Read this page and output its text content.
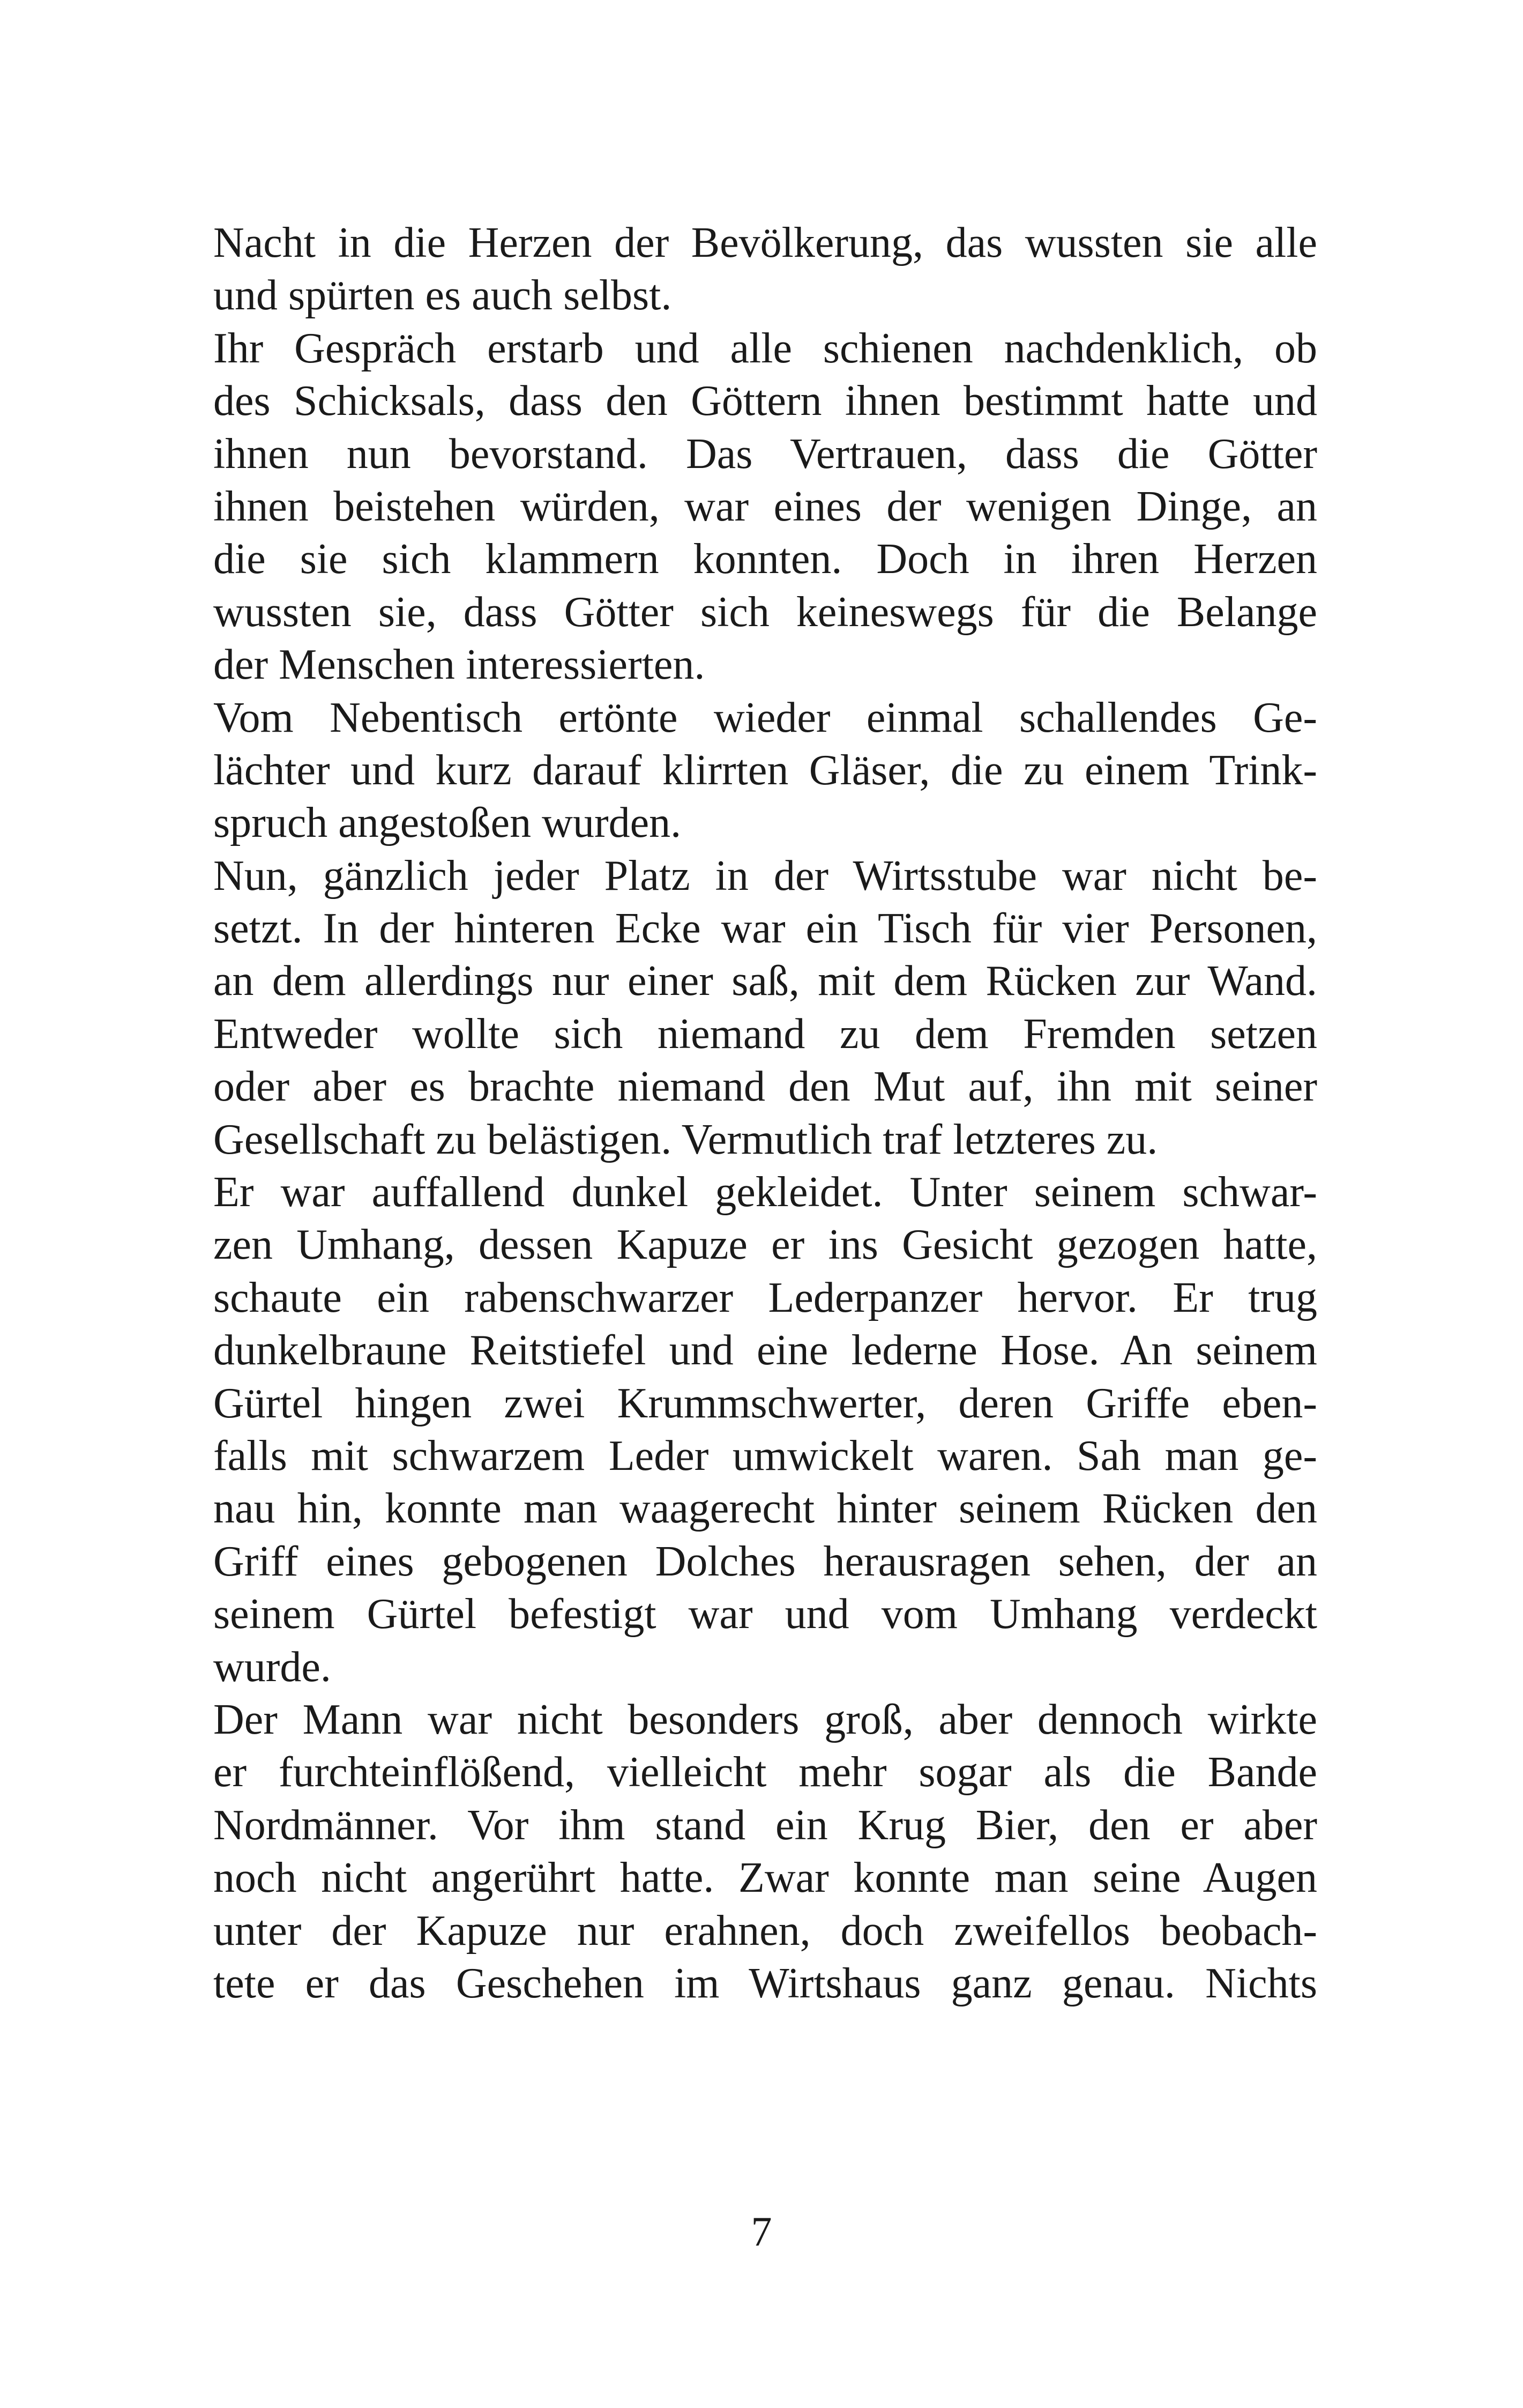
Nacht in die Herzen der Bevölkerung, das wussten sie alle
und spürten es auch selbst.
Ihr Gespräch erstarb und alle schienen nachdenklich, ob
des Schicksals, dass den Göttern ihnen bestimmt hatte und
ihnen nun bevorstand. Das Vertrauen, dass die Götter
ihnen beistehen würden, war eines der wenigen Dinge, an
die sie sich klammern konnten. Doch in ihren Herzen
wussten sie, dass Götter sich keineswegs für die Belange
der Menschen interessierten.
Vom Nebentisch ertönte wieder einmal schallendes Ge-
lächter und kurz darauf klirrten Gläser, die zu einem Trink-
spruch angestoßen wurden.
Nun, gänzlich jeder Platz in der Wirtsstube war nicht be-
setzt. In der hinteren Ecke war ein Tisch für vier Personen,
an dem allerdings nur einer saß, mit dem Rücken zur Wand.
Entweder wollte sich niemand zu dem Fremden setzen
oder aber es brachte niemand den Mut auf, ihn mit seiner
Gesellschaft zu belästigen. Vermutlich traf letzteres zu.
Er war auffallend dunkel gekleidet. Unter seinem schwar-
zen Umhang, dessen Kapuze er ins Gesicht gezogen hatte,
schaute ein rabenschwarzer Lederpanzer hervor. Er trug
dunkelbraune Reitstiefel und eine lederne Hose. An seinem
Gürtel hingen zwei Krummschwerter, deren Griffe eben-
falls mit schwarzem Leder umwickelt waren. Sah man ge-
nau hin, konnte man waagerecht hinter seinem Rücken den
Griff eines gebogenen Dolches herausragen sehen, der an
seinem Gürtel befestigt war und vom Umhang verdeckt
wurde.
Der Mann war nicht besonders groß, aber dennoch wirkte
er furchteinflößend, vielleicht mehr sogar als die Bande
Nordmänner. Vor ihm stand ein Krug Bier, den er aber
noch nicht angerührt hatte. Zwar konnte man seine Augen
unter der Kapuze nur erahnen, doch zweifellos beobach-
tete er das Geschehen im Wirtshaus ganz genau. Nichts
7
